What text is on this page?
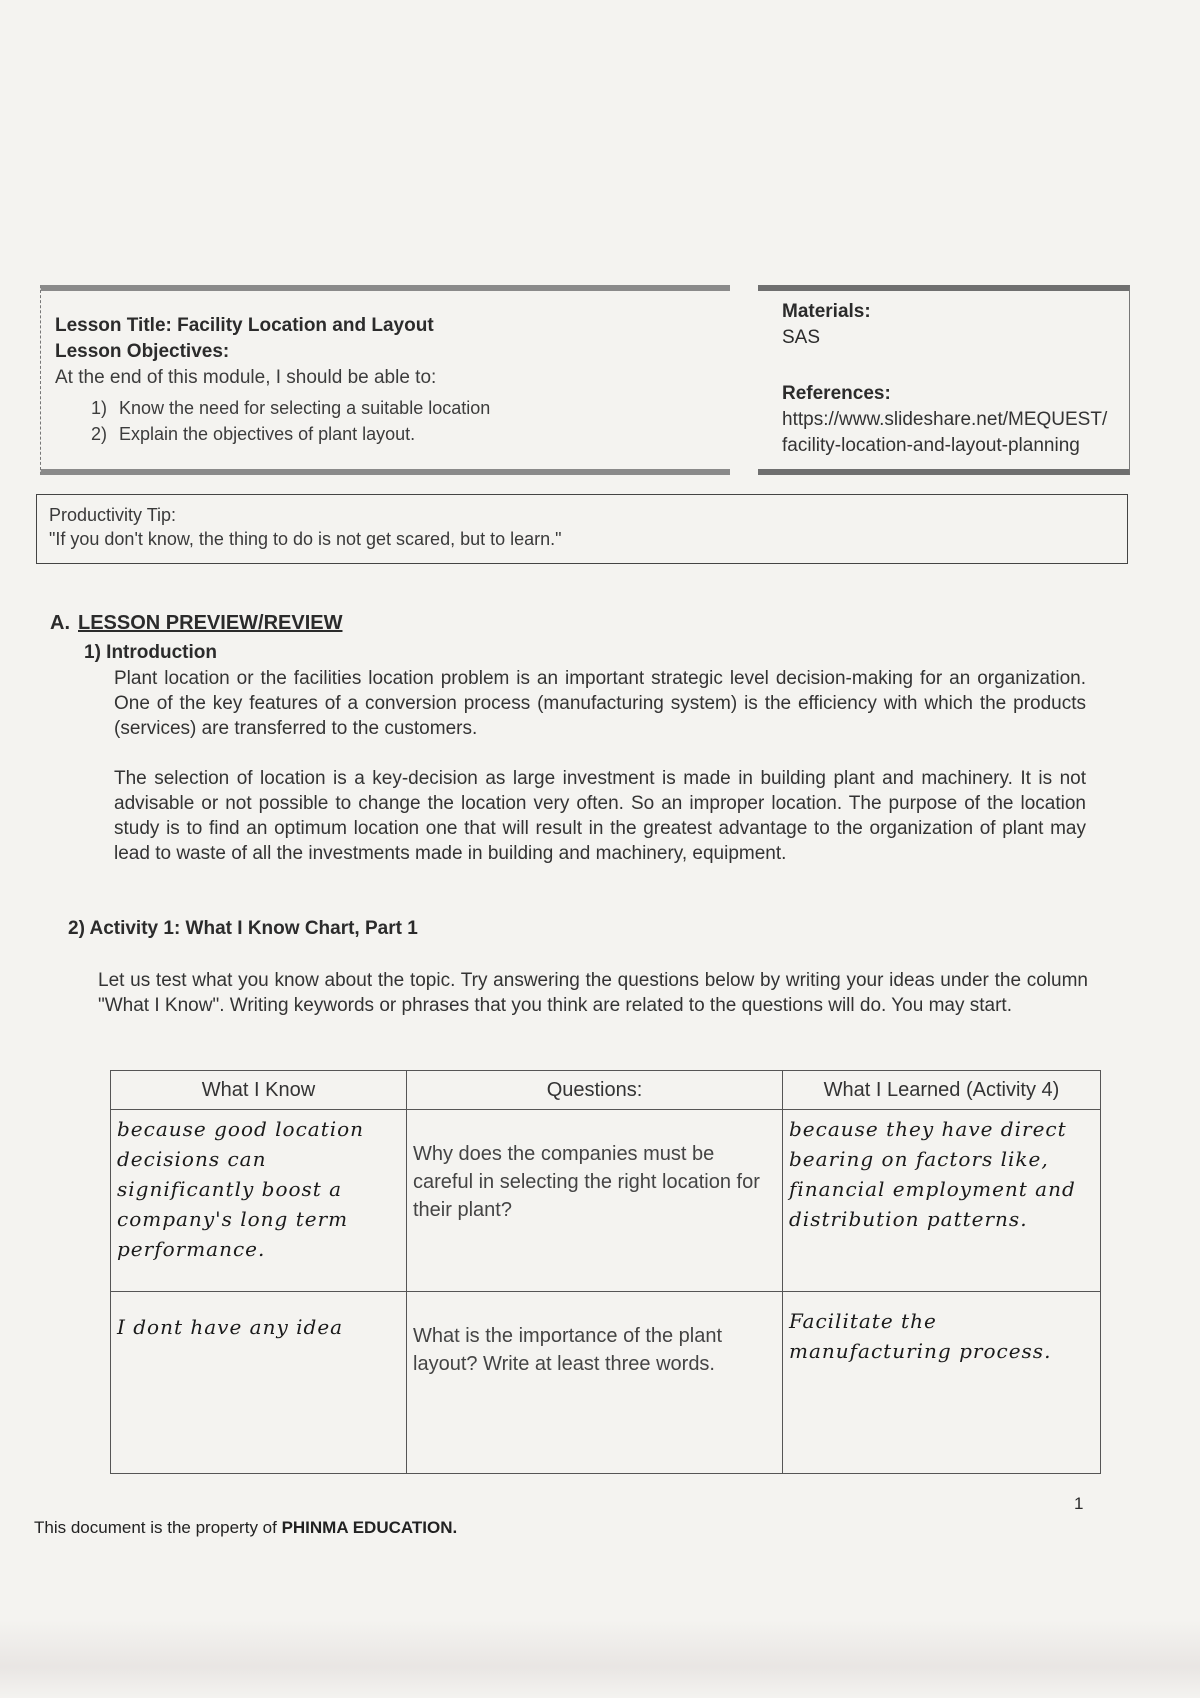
Lesson Title: Facility Location and Layout

Lesson Objectives:

At the end of this module, I should be able to:

1) Know the need for selecting a suitable location
2) Explain the objectives of plant layout.

Materials:

SAS

References:

https://www.slideshare.net/MEQUEST/facility-location-and-layout-planning
Productivity Tip:
"If you don't know, the thing to do is not get scared, but to learn."
A. LESSON PREVIEW/REVIEW
1) Introduction
Plant location or the facilities location problem is an important strategic level decision-making for an organization. One of the key features of a conversion process (manufacturing system) is the efficiency with which the products (services) are transferred to the customers.
The selection of location is a key-decision as large investment is made in building plant and machinery. It is not advisable or not possible to change the location very often. So an improper location. The purpose of the location study is to find an optimum location one that will result in the greatest advantage to the organization of plant may lead to waste of all the investments made in building and machinery, equipment.
2) Activity 1: What I Know Chart, Part 1
Let us test what you know about the topic. Try answering the questions below by writing your ideas under the column "What I Know". Writing keywords or phrases that you think are related to the questions will do. You may start.
What I Know	Questions:	What I Learned (Activity 4)
because good location decisions can significantly boost a company's long term performance.	Why does the companies must be careful in selecting the right location for their plant?	because they have direct bearing on factors like, financial employment and distribution patterns.
I dont have any idea	What is the importance of the plant layout? Write at least three words.	Facilitate the manufacturing process.
1
This document is the property of PHINMA EDUCATION.
